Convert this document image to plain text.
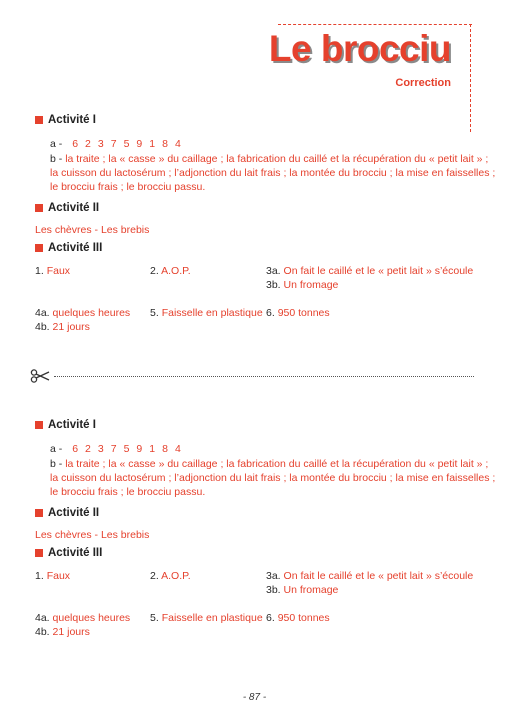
Le brocciu
Correction
Activité I
a - 6 2 3 7 5 9 1 8 4
b - la traite ; la « casse » du caillage ; la fabrication du caillé et la récupération du « petit lait » ;
la cuisson du lactosérum ; l’adjonction du lait frais ; la montée du brocciu ; la mise en faisselles ;
le brocciu frais ; le brocciu passu.
Activité II
Les chèvres - Les brebis
Activité III
1. Faux	2. A.O.P.	3a. On fait le caillé et le « petit lait » s’écoule
3b. Un fromage
4a. quelques heures 5. Faisselle en plastique 6. 950 tonnes
4b. 21 jours
Activité I
a - 6 2 3 7 5 9 1 8 4
b - la traite ; la « casse » du caillage ; la fabrication du caillé et la récupération du « petit lait » ;
la cuisson du lactosérum ; l’adjonction du lait frais ; la montée du brocciu ; la mise en faisselles ;
le brocciu frais ; le brocciu passu.
Activité II
Les chèvres - Les brebis
Activité III
1. Faux	2. A.O.P.	3a. On fait le caillé et le « petit lait » s’écoule
3b. Un fromage
4a. quelques heures 5. Faisselle en plastique 6. 950 tonnes
4b. 21 jours
- 87 -
